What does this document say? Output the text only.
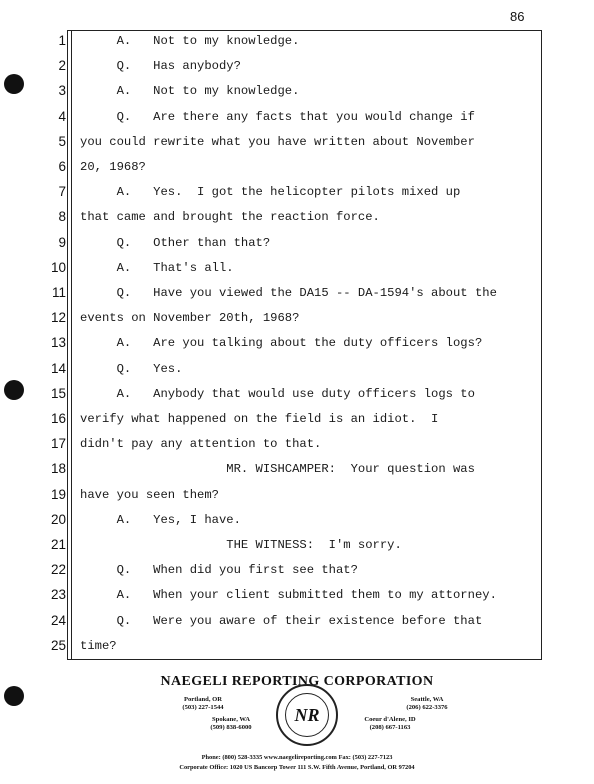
86
1
2
3
4
5
6
7
8
9
10
11
12
13
14
15
16
17
18
19
20
21
22
23
24
25
A.   Not to my knowledge.
Q.   Has anybody?
A.   Not to my knowledge.
Q.   Are there any facts that you would change if
you could rewrite what you have written about November
20, 1968?
A.   Yes.  I got the helicopter pilots mixed up
that came and brought the reaction force.
Q.   Other than that?
A.   That's all.
Q.   Have you viewed the DA15 -- DA-1594's about the
events on November 20th, 1968?
A.   Are you talking about the duty officers logs?
Q.   Yes.
A.   Anybody that would use duty officers logs to
verify what happened on the field is an idiot.  I
didn't pay any attention to that.
MR. WISHCAMPER:  Your question was
have you seen them?
A.   Yes, I have.
THE WITNESS:  I'm sorry.
Q.   When did you first see that?
A.   When your client submitted them to my attorney.
Q.   Were you aware of their existence before that
time?
NAEGELI REPORTING CORPORATION
Portland, OR
(503) 227-1544
Seattle, WA
(206) 622-3376
Spokane, WA
(509) 838-6000
Coeur d'Alene, ID
(208) 667-1163
NR
Phone: (800) 528-3335 www.naegelireporting.com Fax: (503) 227-7123
Corporate Office: 1020 US Bancorp Tower 111 S.W. Fifth Avenue, Portland, OR 97204
